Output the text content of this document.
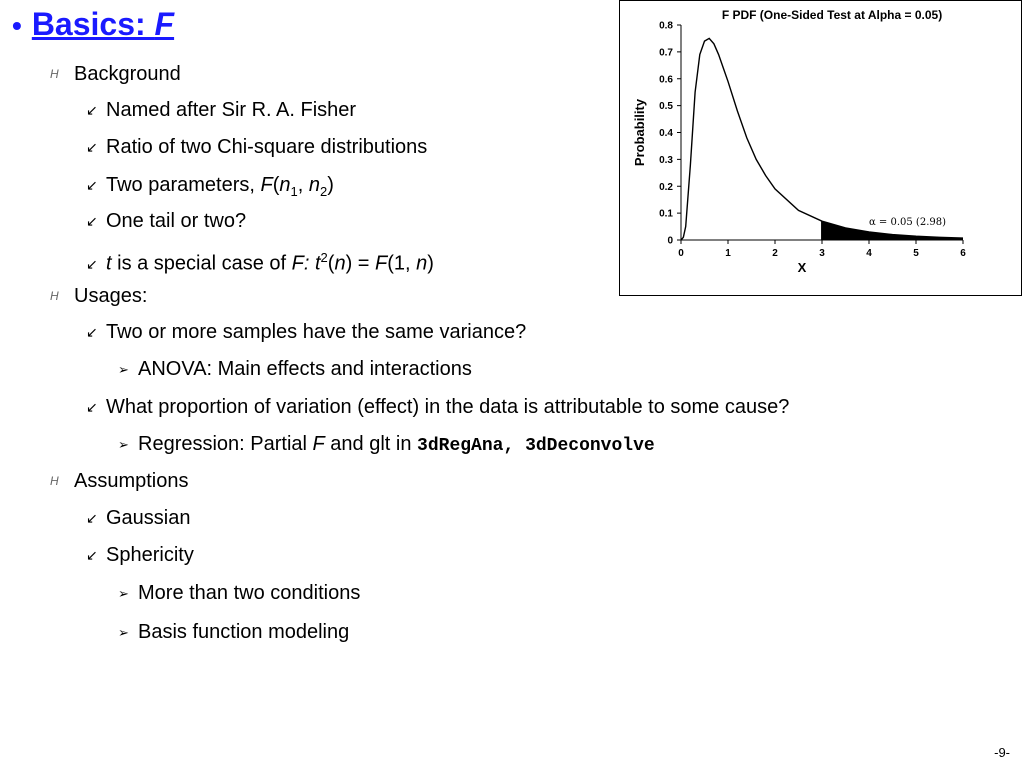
• Basics: F
H Background
↙ Named after Sir R. A. Fisher
↙ Ratio of two Chi-square distributions
↙ Two parameters, $F(n_1$, $n_2$)
↙ One tail or two?
↙ t is a special case of F: $t^2(n) = F(1$, n)
H Usages:
↙ Two or more samples have the same variance?
➢ ANOVA: Main effects and interactions
↙ What proportion of variation (effect) in the data is attributable to some cause?
➢ Regression: Partial F and glt in 3dRegAna, 3dDeconvolve
H Assumptions
↙ Gaussian
↙ Sphericity
➢ More than two conditions
➢ Basis function modeling
F PDF (One-Sided Test at Alpha = 0.05)
0
0.1
0.2
0.3
0.4
0.5
0.6
0.7
0.8
0	1	2	3	4	5	6
X
Probability
α = 0.05 (2.98)
-9-
